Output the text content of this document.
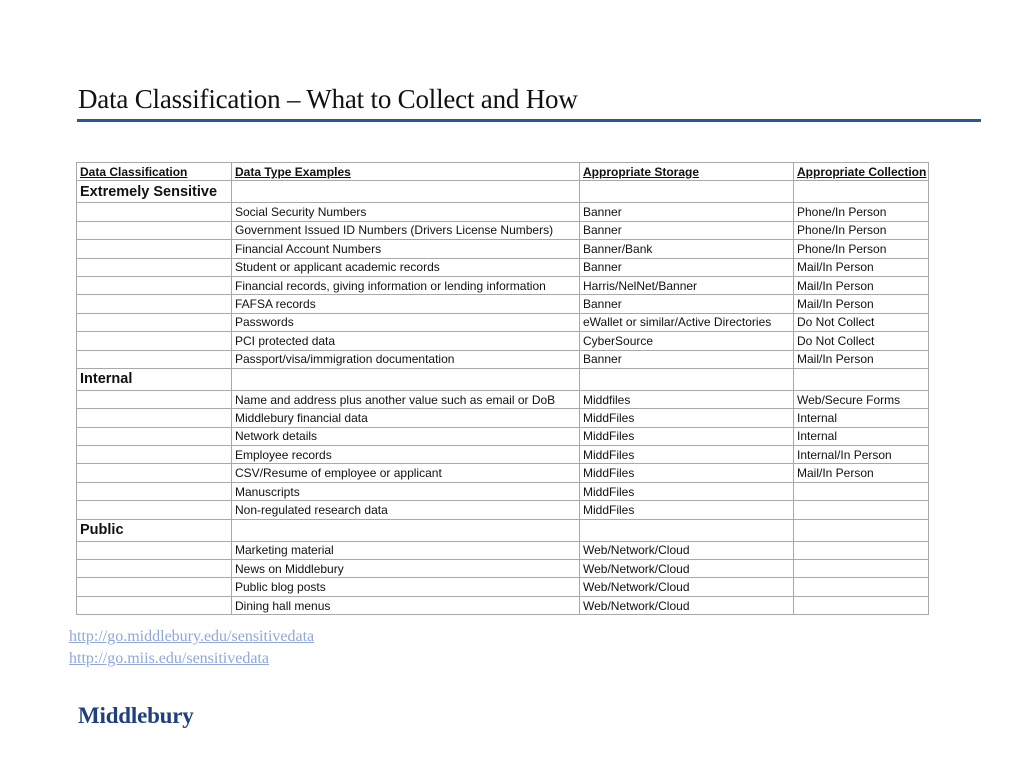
Data Classification – What to Collect and How
Data Classification	Data Type Examples	Appropriate Storage	Appropriate Collection
Extremely Sensitive			
	Social Security Numbers	Banner	Phone/In Person
	Government Issued ID Numbers (Drivers License Numbers)	Banner	Phone/In Person
	Financial Account Numbers	Banner/Bank	Phone/In Person
	Student or applicant academic records	Banner	Mail/In Person
	Financial records, giving information or lending information	Harris/NelNet/Banner	Mail/In Person
	FAFSA records	Banner	Mail/In Person
	Passwords	eWallet or similar/Active Directories	Do Not Collect
	PCI protected data	CyberSource	Do Not Collect
	Passport/visa/immigration documentation	Banner	Mail/In Person
Internal			
	Name and address plus another value such as email or DoB	Middfiles	Web/Secure Forms
	Middlebury financial data	MiddFiles	Internal
	Network details	MiddFiles	Internal
	Employee records	MiddFiles	Internal/In Person
	CSV/Resume of employee or applicant	MiddFiles	Mail/In Person
	Manuscripts	MiddFiles	
	Non-regulated research data	MiddFiles	
Public			
	Marketing material	Web/Network/Cloud	
	News on Middlebury	Web/Network/Cloud	
	Public blog posts	Web/Network/Cloud	
	Dining hall menus	Web/Network/Cloud	
http://go.middlebury.edu/sensitivedata
http://go.miis.edu/sensitivedata
Middlebury
